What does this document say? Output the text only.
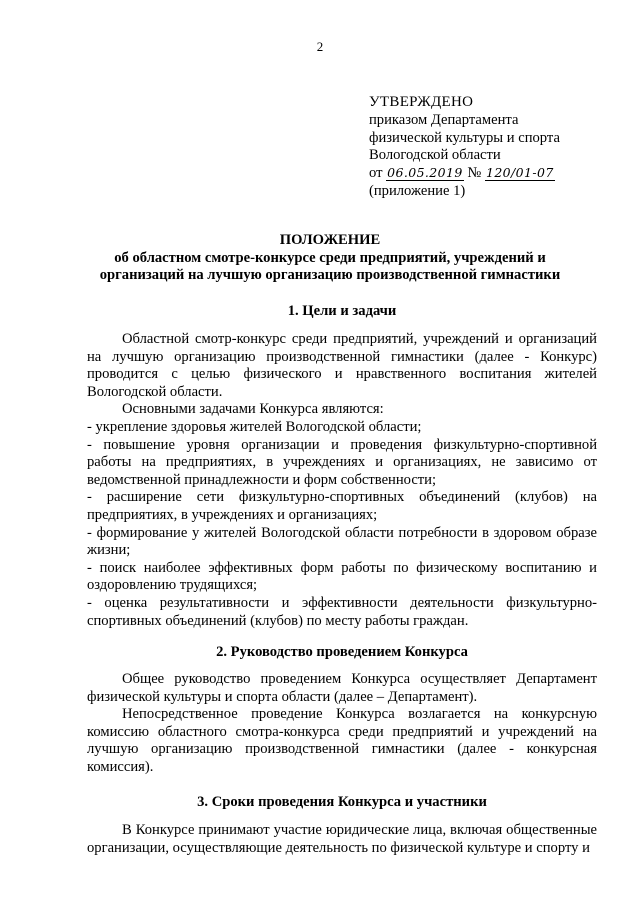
2
УТВЕРЖДЕНО
приказом Департамента
физической культуры и спорта
Вологодской области
от 06.05.2019 № 120/01-07
(приложение 1)
ПОЛОЖЕНИЕ
об областном смотре-конкурсе среди предприятий, учреждений и
организаций на лучшую организацию производственной гимнастики
1. Цели и задачи

Областной смотр-конкурс среди предприятий, учреждений и организаций на лучшую организацию производственной гимнастики (далее - Конкурс) проводится с целью физического и нравственного воспитания жителей Вологодской области.

Основными задачами Конкурса являются:

- укрепление здоровья жителей Вологодской области;

- повышение уровня организации и проведения физкультурно-спортивной работы на предприятиях, в учреждениях и организациях, не зависимо от ведомственной принадлежности и форм собственности;

- расширение сети физкультурно-спортивных объединений (клубов) на предприятиях, в учреждениях и организациях;

- формирование у жителей Вологодской области потребности в здоровом образе жизни;

- поиск наиболее эффективных форм работы по физическому воспитанию и оздоровлению трудящихся;

- оценка результативности и эффективности деятельности физкультурно-спортивных объединений (клубов) по месту работы граждан.

2. Руководство проведением Конкурса

Общее руководство проведением Конкурса осуществляет Департамент физической культуры и спорта области (далее – Департамент).

Непосредственное проведение Конкурса возлагается на конкурсную комиссию областного смотра-конкурса среди предприятий и учреждений на лучшую организацию производственной гимнастики (далее - конкурсная комиссия).

3. Сроки проведения Конкурса и участники

В Конкурсе принимают участие юридические лица, включая общественные организации, осуществляющие деятельность по физической культуре и спорту и
